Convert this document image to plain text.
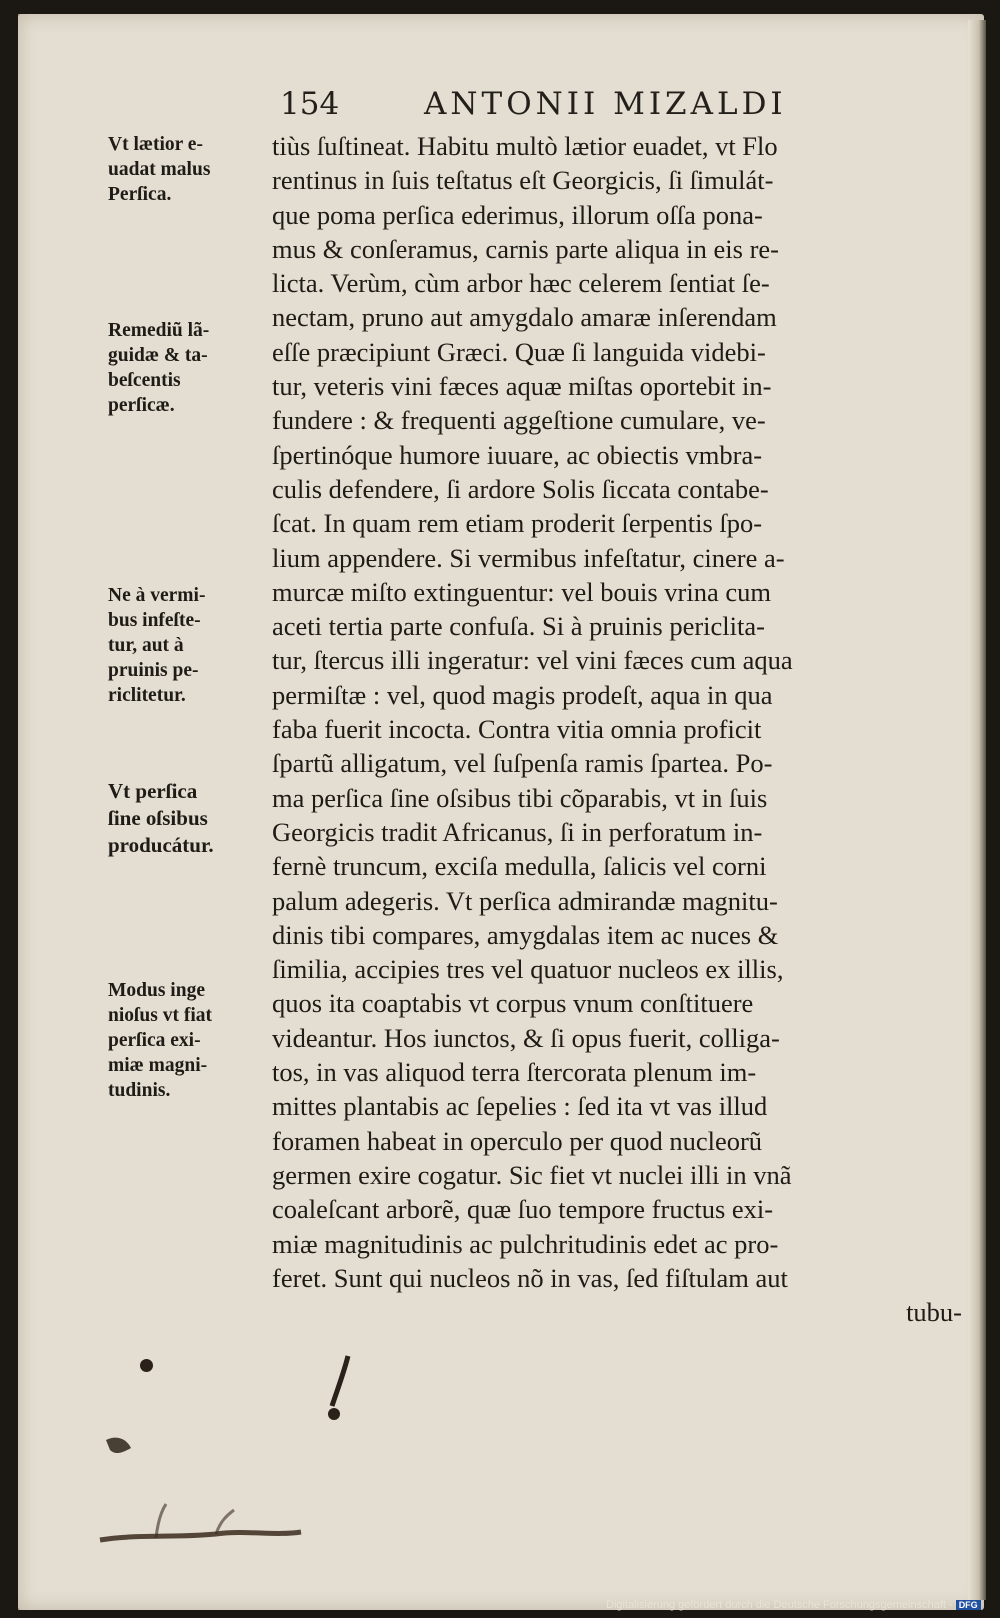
154	ANTONII MIZALDI
tiùs ſuſtineat. Habitu multò lætior euadet, vt Flo
rentinus in ſuis teſtatus eſt Georgicis, ſi ſimulát-
que poma perſica ederimus, illorum oſſa pona-
mus & conſeramus, carnis parte aliqua in eis re-
licta. Verùm, cùm arbor hæc celerem ſentiat ſe-
nectam, pruno aut amygdalo amaræ inſerendam
eſſe præcipiunt Græci. Quæ ſi languida videbi-
tur, veteris vini fæces aquæ miſtas oportebit in-
fundere : & frequenti aggeſtione cumulare, ve-
ſpertinóque humore iuuare, ac obiectis vmbra-
culis defendere, ſi ardore Solis ſiccata contabe-
ſcat. In quam rem etiam proderit ſerpentis ſpo-
lium appendere. Si vermibus infeſtatur, cinere a-
murcæ miſto extinguentur: vel bouis vrina cum
aceti tertia parte confuſa. Si à pruinis periclita-
tur, ſtercus illi ingeratur: vel vini fæces cum aqua
permiſtæ : vel, quod magis prodeſt, aqua in qua
faba fuerit incocta. Contra vitia omnia proficit
ſpartũ alligatum, vel ſuſpenſa ramis ſpartea. Po-
ma perſica ſine oſsibus tibi cõparabis, vt in ſuis
Georgicis tradit Africanus, ſi in perforatum in-
fernè truncum, exciſa medulla, ſalicis vel corni
palum adegeris. Vt perſica admirandæ magnitu-
dinis tibi compares, amygdalas item ac nuces &
ſimilia, accipies tres vel quatuor nucleos ex illis,
quos ita coaptabis vt corpus vnum conſtituere
videantur. Hos iunctos, & ſi opus fuerit, colliga-
tos, in vas aliquod terra ſtercorata plenum im-
mittes plantabis ac ſepelies : ſed ita vt vas illud
foramen habeat in operculo per quod nucleorũ
germen exire cogatur. Sic fiet vt nuclei illi in vnã
coaleſcant arborẽ, quæ ſuo tempore fructus exi-
miæ magnitudinis ac pulchritudinis edet ac pro-
feret. Sunt qui nucleos nõ in vas, ſed fiſtulam aut
tubu-
Vt lætior e-
uadat malus
Perſica.
Remediũ lã-
guidæ & ta-
beſcentis
perſicæ.
Ne à vermi-
bus infeſte-
tur, aut à
pruinis pe-
riclitetur.
Vt perſica
ſine oſsibus
producátur.
Modus inge
nioſus vt fiat
perſica exi-
miæ magni-
tudinis.
Digitalisierung gefördert durch die Deutsche Forschungsgemeinschaft - DFG
